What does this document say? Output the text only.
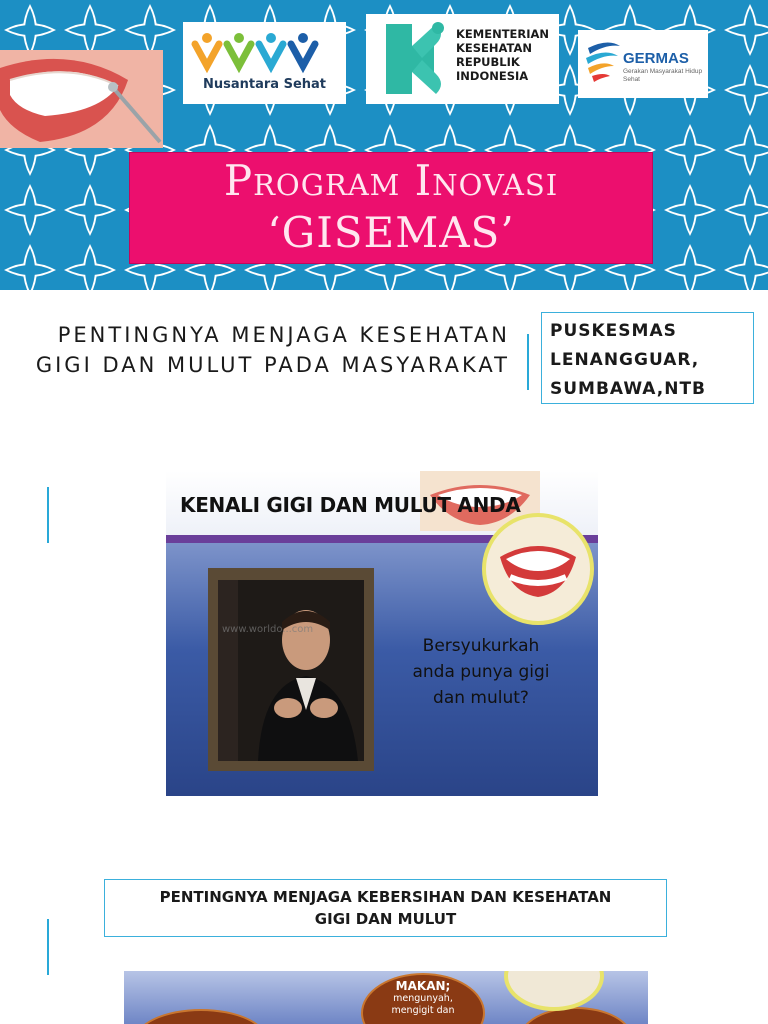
Nusantara Sehat
KEMENTERIAN
KESEHATAN
REPUBLIK
INDONESIA
GERMAS
Gerakan Masyarakat Hidup Sehat
Program Inovasi
‘GISEMAS’
PENTINGNYA MENJAGA KESEHATAN
GIGI DAN MULUT PADA MASYARAKAT
PUSKESMAS
LENANGGUAR,
SUMBAWA,NTB
KENALI GIGI DAN MULUT ANDA
www.worldo...com
Bersyukurkah
anda punya gigi
dan mulut?
PENTINGNYA MENJAGA KEBERSIHAN DAN KESEHATAN
GIGI DAN MULUT
MAKAN;
mengunyah,
mengigit dan
